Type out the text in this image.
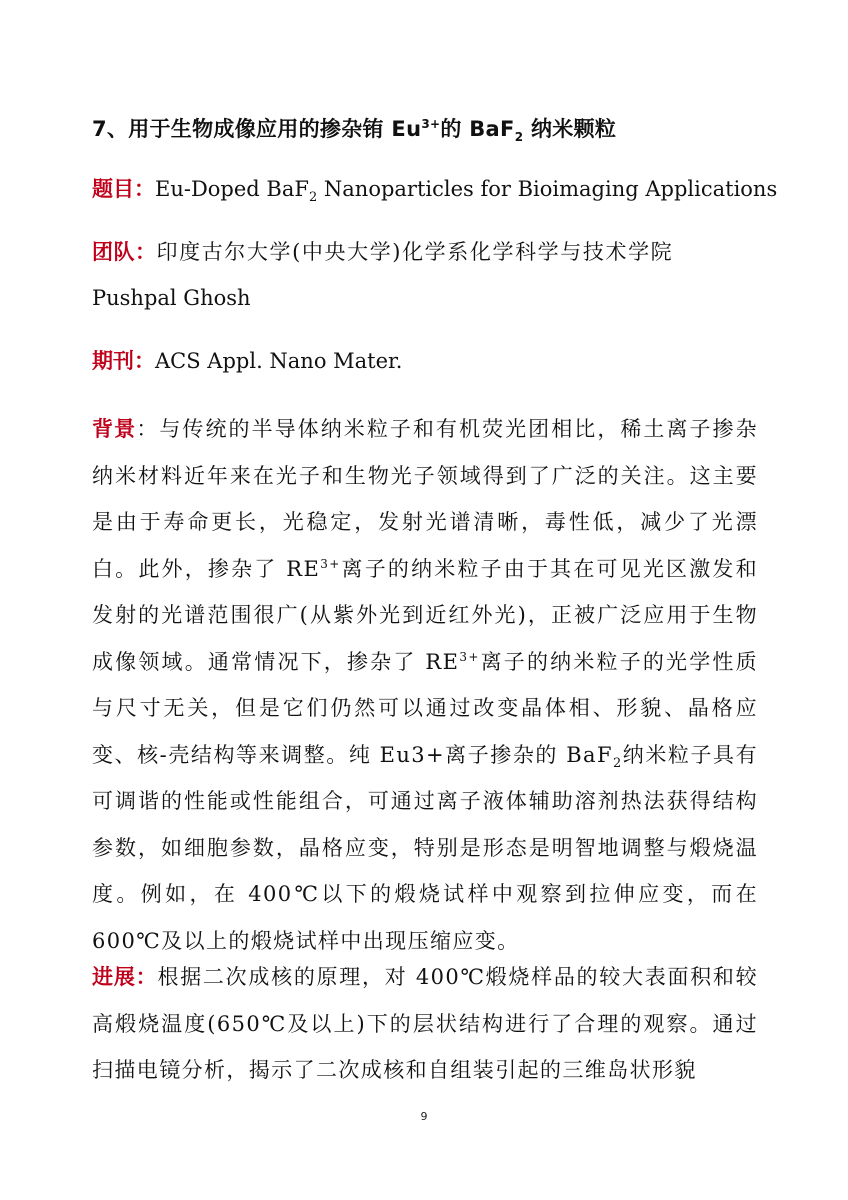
7、用于生物成像应用的掺杂铕 $Eu^{3+}$的 BaF$_2$ 纳米颗粒
题目：Eu-Doped BaF$_2$ Nanoparticles for Bioimaging Applications
团队：印度古尔大学(中央大学)化学系化学科学与技术学院
Pushpal Ghosh
期刊：ACS Appl. Nano Mater.
背景：与传统的半导体纳米粒子和有机荧光团相比，稀土离子掺杂纳米材料近年来在光子和生物光子领域得到了广泛的关注。这主要是由于寿命更长，光稳定，发射光谱清晰，毒性低，减少了光漂白。此外，掺杂了 $RE^{3+}$离子的纳米粒子由于其在可见光区激发和发射的光谱范围很广(从紫外光到近红外光)，正被广泛应用于生物成像领域。通常情况下，掺杂了 $RE^{3+}$离子的纳米粒子的光学性质与尺寸无关，但是它们仍然可以通过改变晶体相、形貌、晶格应变、核-壳结构等来调整。纯 Eu3+离子掺杂的 BaF$_2$纳米粒子具有可调谐的性能或性能组合，可通过离子液体辅助溶剂热法获得结构参数，如细胞参数，晶格应变，特别是形态是明智地调整与煅烧温度。例如，在 400℃以下的煅烧试样中观察到拉伸应变，而在 600℃及以上的煅烧试样中出现压缩应变。
进展：根据二次成核的原理，对 400℃煅烧样品的较大表面积和较高煅烧温度(650℃及以上)下的层状结构进行了合理的观察。通过扫描电镜分析，揭示了二次成核和自组装引起的三维岛状形貌
9
